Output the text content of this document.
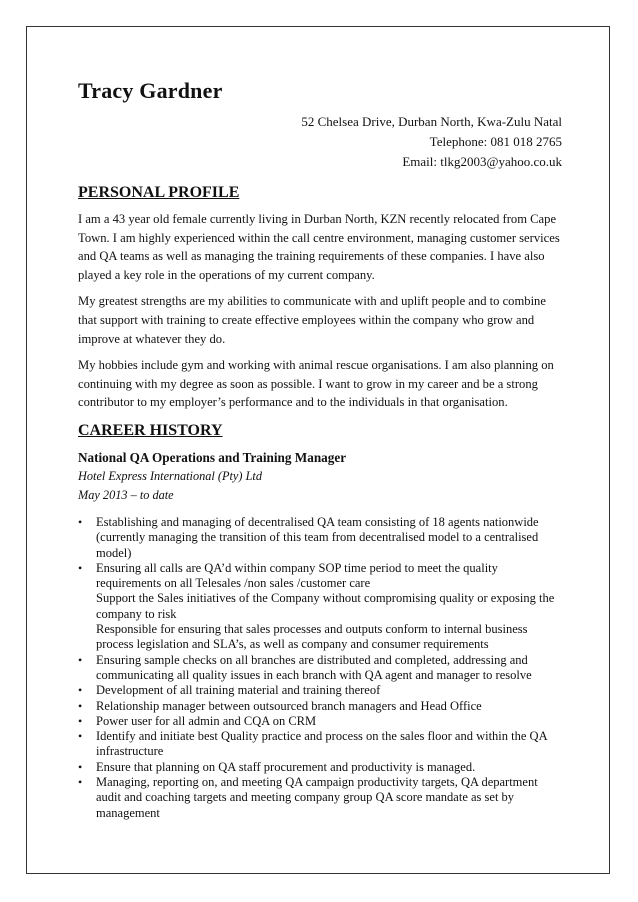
Tracy Gardner
52 Chelsea Drive, Durban North, Kwa-Zulu Natal
Telephone: 081 018 2765
Email: tlkg2003@yahoo.co.uk
PERSONAL PROFILE

I am a 43 year old female currently living in Durban North, KZN recently relocated from Cape Town. I am highly experienced within the call centre environment, managing customer services and QA teams as well as managing the training requirements of these companies. I have also played a key role in the operations of my current company.

My greatest strengths are my abilities to communicate with and uplift people and to combine that support with training to create effective employees within the company who grow and improve at whatever they do.

My hobbies include gym and working with animal rescue organisations. I am also planning on continuing with my degree as soon as possible. I want to grow in my career and be a strong contributor to my employer’s performance and to the individuals in that organisation.

CAREER HISTORY
National QA Operations and Training Manager
Hotel Express International (Pty) Ltd
May 2013 – to date
• Establishing and managing of decentralised QA team consisting of 18 agents nationwide (currently managing the transition of this team from decentralised model to a centralised model)
• Ensuring all calls are QA’d within company SOP time period to meet the quality requirements on all Telesales /non sales /customer care
Support the Sales initiatives of the Company without compromising quality or exposing the company to risk
Responsible for ensuring that sales processes and outputs conform to internal business process legislation and SLA’s, as well as company and consumer requirements
• Ensuring sample checks on all branches are distributed and completed, addressing and communicating all quality issues in each branch with QA agent and manager to resolve
• Development of all training material and training thereof
• Relationship manager between outsourced branch managers and Head Office
• Power user for all admin and CQA on CRM
• Identify and initiate best Quality practice and process on the sales floor and within the QA infrastructure
• Ensure that planning on QA staff procurement and productivity is managed.
• Managing, reporting on, and meeting QA campaign productivity targets, QA department audit and coaching targets and meeting company group QA score mandate as set by management
